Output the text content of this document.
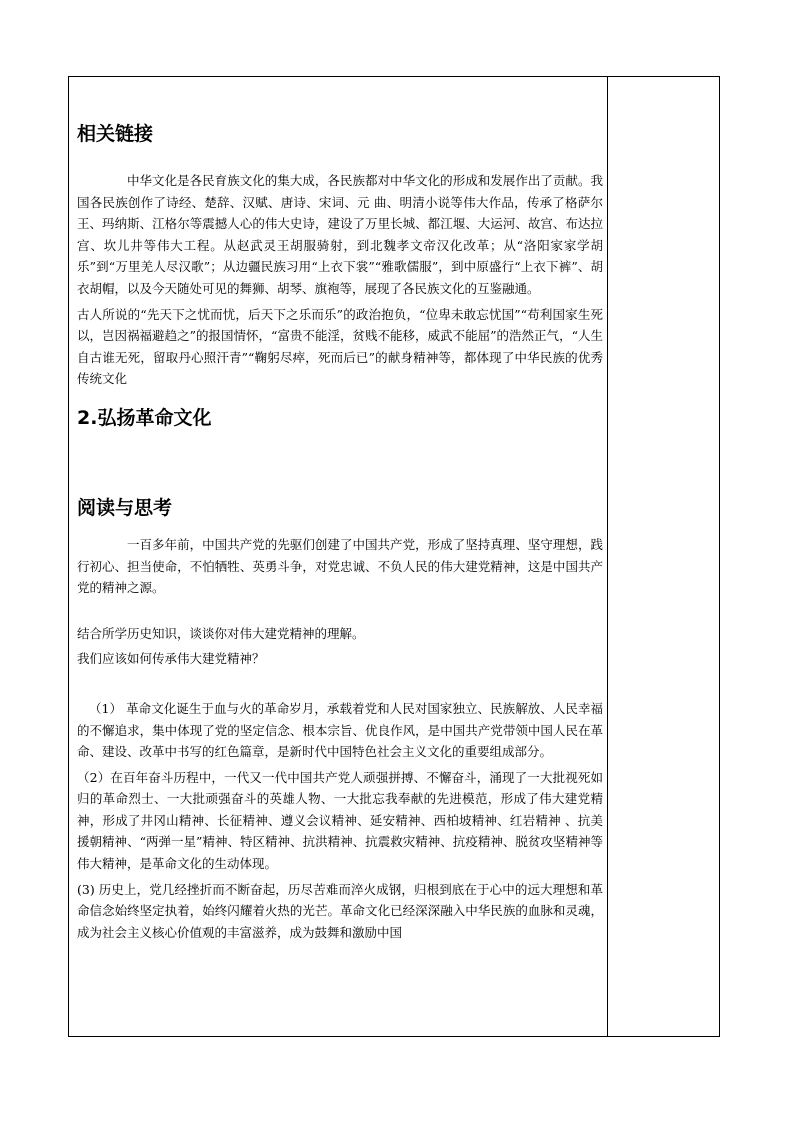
相关链接

中华文化是各民育族文化的集大成，各民族都对中华文化的形成和发展作出了贡献。我国各民族创作了诗经、楚辞、汉赋、唐诗、宋词、元 曲、明清小说等伟大作品，传承了格萨尔王、玛纳斯、江格尔等震撼人心的伟大史诗，建设了万里长城、都江堰、大运河、故宫、布达拉宫、坎儿井等伟大工程。从赵武灵王胡服骑射，到北魏孝文帝汉化改革；从“洛阳家家学胡乐”到“万里羌人尽汉歌”；从边疆民族习用“上衣下裳”“雅歌儒服”，到中原盛行“上衣下裤”、胡衣胡帽，以及今天随处可见的舞狮、胡琴、旗袍等，展现了各民族文化的互鉴融通。

古人所说的“先天下之忧而忧，后天下之乐而乐”的政治抱负，“位卑未敢忘忧国”“苟利国家生死以，岂因祸福避趋之”的报国情怀，“富贵不能淫，贫贱不能移，威武不能屈”的浩然正气，“人生自古谁无死，留取丹心照汗青”“鞠躬尽瘁，死而后已”的献身精神等，都体现了中华民族的优秀传统文化

2.弘扬革命文化
阅读与思考

一百多年前，中国共产党的先驱们创建了中国共产党，形成了坚持真理、坚守理想，践行初心、担当使命，不怕牺牲、英勇斗争，对党忠诚、不负人民的伟大建党精神，这是中国共产党的精神之源。

结合所学历史知识，谈谈你对伟大建党精神的理解。

我们应该如何传承伟大建党精神？

（1） 革命文化诞生于血与火的革命岁月，承载着党和人民对国家独立、民族解放、人民幸福的不懈追求，集中体现了党的坚定信念、根本宗旨、优良作风，是中国共产党带领中国人民在革命、建设、改革中书写的红色篇章，是新时代中国特色社会主义文化的重要组成部分。

（2）在百年奋斗历程中，一代又一代中国共产党人顽强拼搏、不懈奋斗，涌现了一大批视死如归的革命烈士、一大批顽强奋斗的英雄人物、一大批忘我奉献的先进模范，形成了伟大建党精神，形成了井冈山精神、长征精神、遵义会议精神、延安精神、西柏坡精神、红岩精神 、抗美援朝精神、“两弹一星”精神、特区精神、抗洪精神、抗震救灾精神、抗疫精神、脱贫攻坚精神等伟大精神，是革命文化的生动体现。

(3) 历史上，党几经挫折而不断奋起，历尽苦难而淬火成钢，归根到底在于心中的远大理想和革命信念始终坚定执着，始终闪耀着火热的光芒。革命文化已经深深融入中华民族的血脉和灵魂，成为社会主义核心价值观的丰富滋养，成为鼓舞和激励中国
